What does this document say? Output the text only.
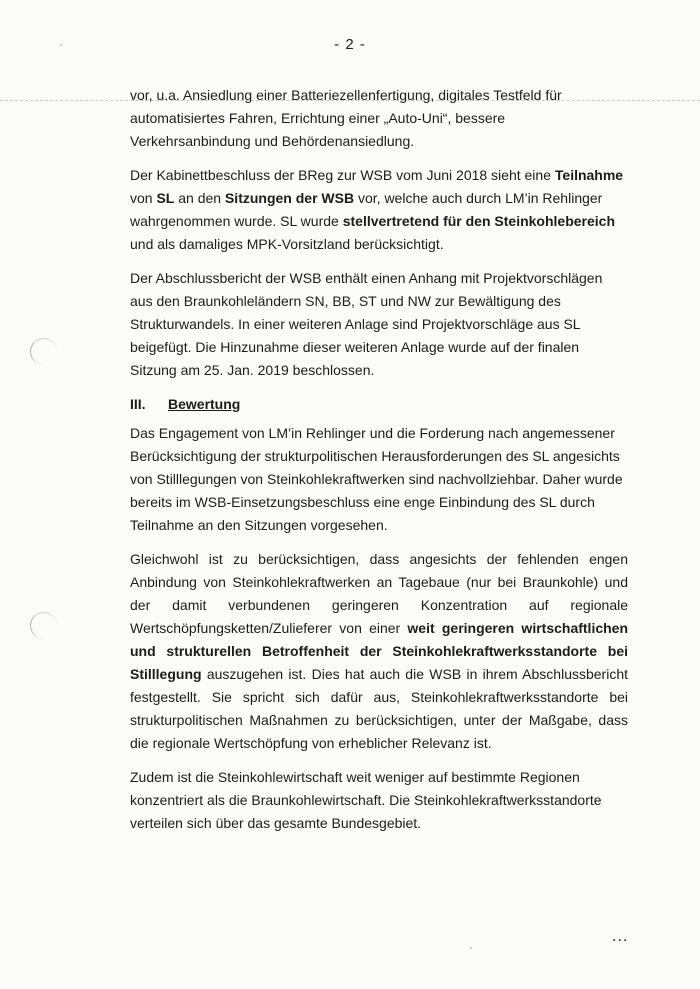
- 2 -

vor, u.a. Ansiedlung einer Batteriezellenfertigung, digitales Testfeld für automatisiertes Fahren, Errichtung einer „Auto-Uni“, bessere Verkehrsanbindung und Behördenansiedlung.

Der Kabinettbeschluss der BReg zur WSB vom Juni 2018 sieht eine Teilnahme von SL an den Sitzungen der WSB vor, welche auch durch LM’in Rehlinger wahrgenommen wurde. SL wurde stellvertretend für den Steinkohlebereich und als damaliges MPK-Vorsitzland berücksichtigt.

Der Abschlussbericht der WSB enthält einen Anhang mit Projektvorschlägen aus den Braunkohleländern SN, BB, ST und NW zur Bewältigung des Strukturwandels. In einer weiteren Anlage sind Projektvorschläge aus SL beigefügt. Die Hinzunahme dieser weiteren Anlage wurde auf der finalen Sitzung am 25. Jan. 2019 beschlossen.

III. Bewertung

Das Engagement von LM’in Rehlinger und die Forderung nach angemessener Berücksichtigung der strukturpolitischen Herausforderungen des SL angesichts von Stilllegungen von Steinkohlekraftwerken sind nachvollziehbar. Daher wurde bereits im WSB-Einsetzungsbeschluss eine enge Einbindung des SL durch Teilnahme an den Sitzungen vorgesehen.

Gleichwohl ist zu berücksichtigen, dass angesichts der fehlenden engen Anbindung von Steinkohlekraftwerken an Tagebaue (nur bei Braunkohle) und der damit verbundenen geringeren Konzentration auf regionale Wertschöpfungsketten/Zulieferer von einer weit geringeren wirtschaftlichen und strukturellen Betroffenheit der Steinkohlekraftwerksstandorte bei Stilllegung auszugehen ist. Dies hat auch die WSB in ihrem Abschlussbericht festgestellt. Sie spricht sich dafür aus, Steinkohlekraftwerksstandorte bei strukturpolitischen Maßnahmen zu berücksichtigen, unter der Maßgabe, dass die regionale Wertschöpfung von erheblicher Relevanz ist.

Zudem ist die Steinkohlewirtschaft weit weniger auf bestimmte Regionen konzentriert als die Braunkohlewirtschaft. Die Steinkohlekraftwerksstandorte verteilen sich über das gesamte Bundesgebiet.

...
